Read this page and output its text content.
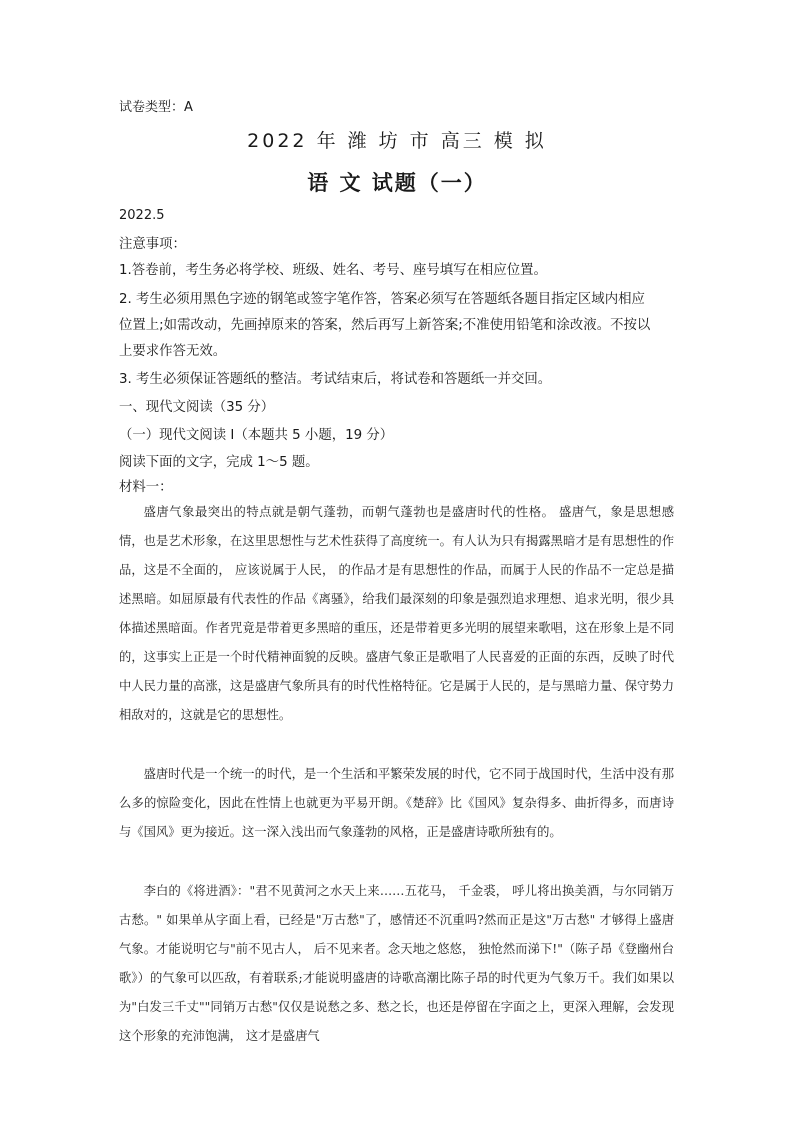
试卷类型：A
2022 年 潍 坊 市 高三 模 拟
语 文 试题（一）
2022.5
注意事项：
1.答卷前，考生务必将学校、班级、姓名、考号、座号填写在相应位置。
2. 考生必须用黑色字迹的钢笔或签字笔作答，答案必须写在答题纸各题目指定区域内相应
位置上;如需改动，先画掉原来的答案，然后再写上新答案;不准使用铅笔和涂改液。不按以
上要求作答无效。
3. 考生必须保证答题纸的整洁。考试结束后，将试卷和答题纸一并交回。
一、现代文阅读（35 分）
（一）现代文阅读 I（本题共 5 小题，19 分）
阅读下面的文字，完成 1～5 题。
材料一：

盛唐气象最突出的特点就是朝气蓬勃，而朝气蓬勃也是盛唐时代的性格。 盛唐气，象是思想感情，也是艺术形象，在这里思想性与艺术性获得了高度统一。有人认为只有揭露黑暗才是有思想性的作品，这是不全面的， 应该说属于人民， 的作品才是有思想性的作品，而属于人民的作品不一定总是描述黑暗。如屈原最有代表性的作品《离骚》，给我们最深刻的印象是强烈追求理想、追求光明，很少具体描述黑暗面。作者咒竟是带着更多黑暗的重压，还是带着更多光明的展望来歌唱，这在形象上是不同的，这事实上正是一个时代精神面貌的反映。盛唐气象正是歌唱了人民喜爱的正面的东西，反映了时代中人民力量的高涨，这是盛唐气象所具有的时代性格特征。它是属于人民的，是与黑暗力量、保守势力相敌对的，这就是它的思想性。

盛唐时代是一个统一的时代，是一个生活和平繁荣发展的时代，它不同于战国时代，生活中没有那么多的惊险变化，因此在性情上也就更为平易开朗。《楚辞》比《国风》复杂得多、曲折得多，而唐诗与《国风》更为接近。这一深入浅出而气象蓬勃的风格，正是盛唐诗歌所独有的。

李白的《将进酒》："君不见黄河之水天上来……五花马， 千金裘， 呼儿将出换美酒，与尔同销万古愁。" 如果单从字面上看，已经是"万古愁"了，感情还不沉重吗?然而正是这"万古愁" 才够得上盛唐气象。才能说明它与"前不见古人， 后不见来者。念天地之悠悠， 独怆然而涕下!"（陈子昂《登幽州台歌》）的气象可以匹敌，有着联系;才能说明盛唐的诗歌高潮比陈子昂的时代更为气象万千。我们如果以为"白发三千丈""同销万古愁"仅仅是说愁之多、愁之长，也还是停留在字面之上，更深入理解，会发现这个形象的充沛饱满， 这才是盛唐气
